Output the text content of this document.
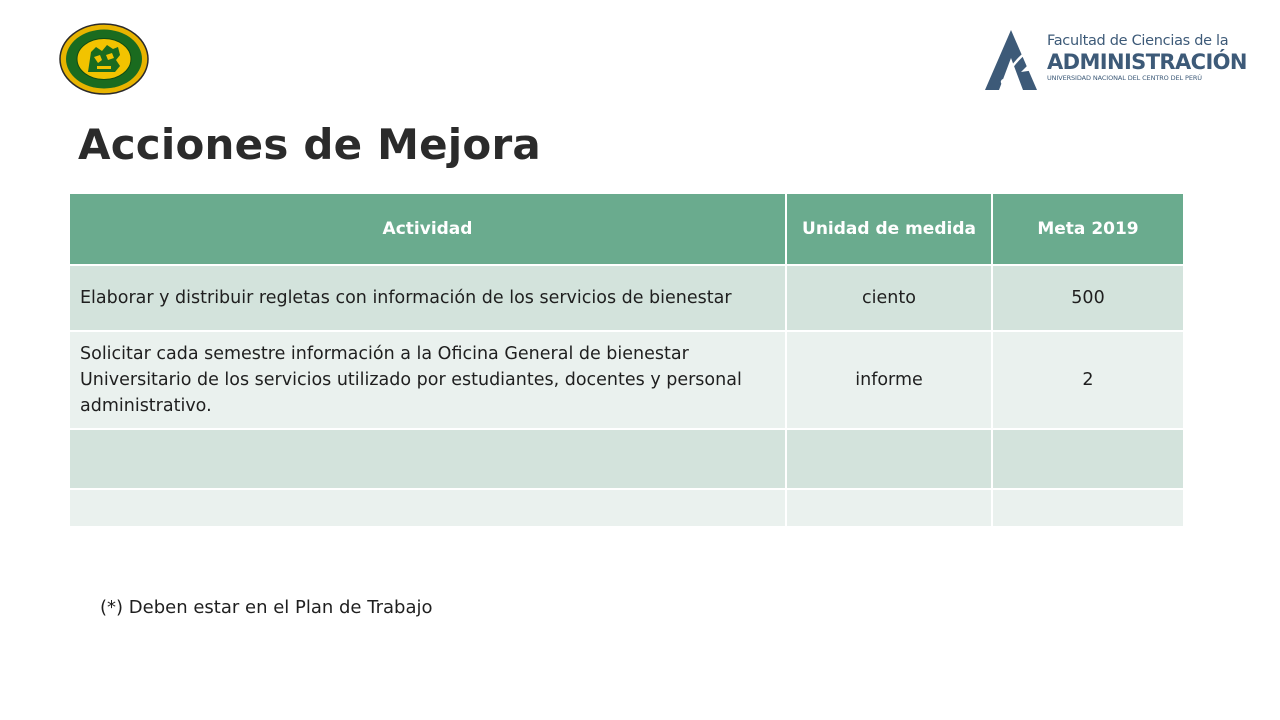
Facultad de Ciencias de la
ADMINISTRACIÓN
UNIVERSIDAD NACIONAL DEL CENTRO DEL PERÚ
Acciones de Mejora
Actividad	Unidad de medida	Meta 2019
Elaborar y distribuir regletas con información de los servicios de bienestar	ciento	500
Solicitar cada semestre información a la Oficina General de bienestar Universitario de los servicios utilizado por estudiantes, docentes y personal administrativo.	informe	2

(*) Deben estar en el Plan de Trabajo
